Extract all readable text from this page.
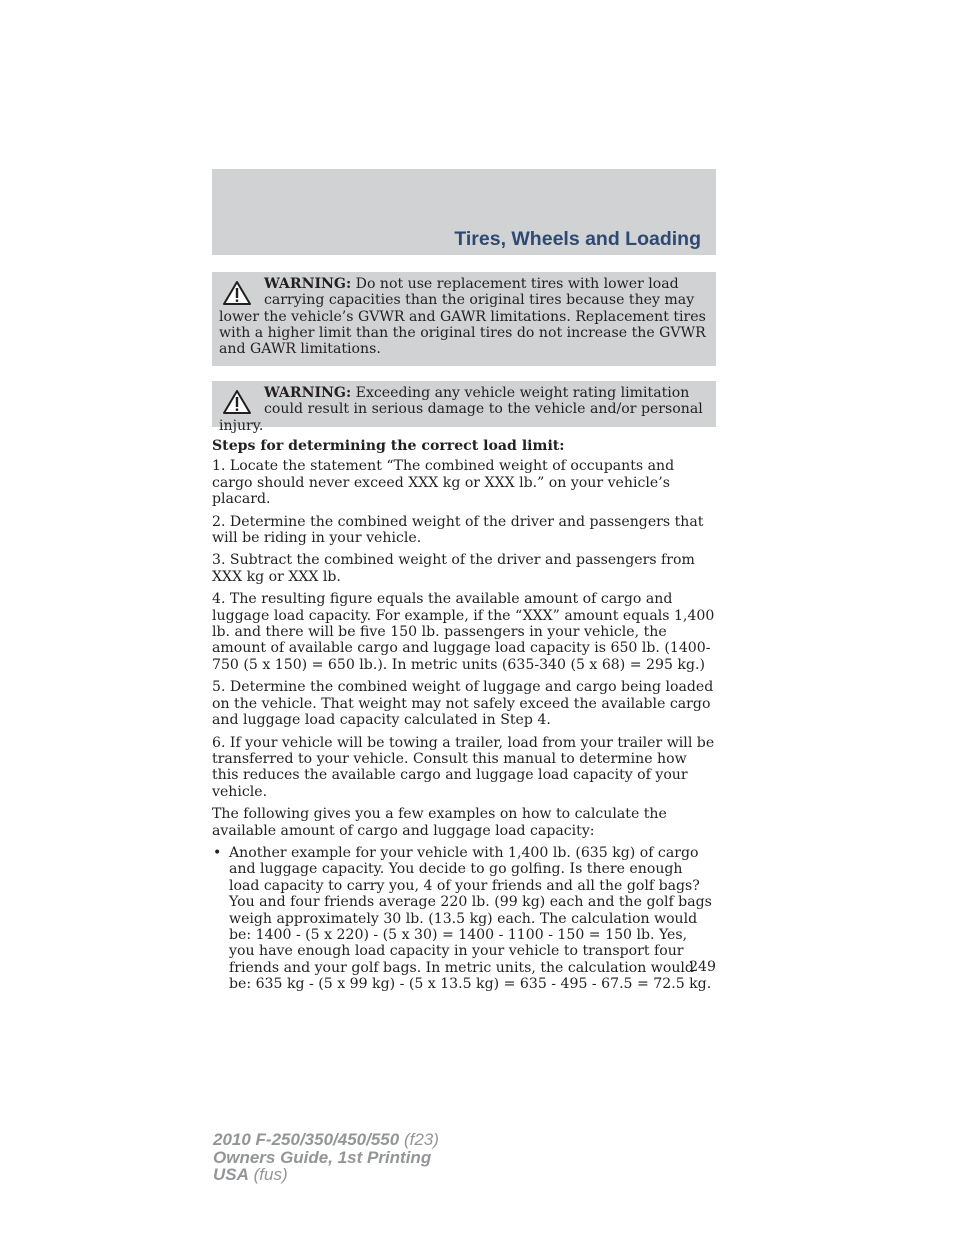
Tires, Wheels and Loading
WARNING: Do not use replacement tires with lower load carrying capacities than the original tires because they may lower the vehicle’s GVWR and GAWR limitations. Replacement tires with a higher limit than the original tires do not increase the GVWR and GAWR limitations.
WARNING: Exceeding any vehicle weight rating limitation could result in serious damage to the vehicle and/or personal injury.

Steps for determining the correct load limit:

1. Locate the statement “The combined weight of occupants and cargo should never exceed XXX kg or XXX lb.” on your vehicle’s placard.

2. Determine the combined weight of the driver and passengers that will be riding in your vehicle.

3. Subtract the combined weight of the driver and passengers from XXX kg or XXX lb.

4. The resulting figure equals the available amount of cargo and luggage load capacity. For example, if the “XXX” amount equals 1,400 lb. and there will be five 150 lb. passengers in your vehicle, the amount of available cargo and luggage load capacity is 650 lb. (1400-750 (5 x 150) = 650 lb.). In metric units (635-340 (5 x 68) = 295 kg.)

5. Determine the combined weight of luggage and cargo being loaded on the vehicle. That weight may not safely exceed the available cargo and luggage load capacity calculated in Step 4.

6. If your vehicle will be towing a trailer, load from your trailer will be transferred to your vehicle. Consult this manual to determine how this reduces the available cargo and luggage load capacity of your vehicle.

The following gives you a few examples on how to calculate the available amount of cargo and luggage load capacity:

• Another example for your vehicle with 1,400 lb. (635 kg) of cargo and luggage capacity. You decide to go golfing. Is there enough load capacity to carry you, 4 of your friends and all the golf bags? You and four friends average 220 lb. (99 kg) each and the golf bags weigh approximately 30 lb. (13.5 kg) each. The calculation would be: 1400 - (5 x 220) - (5 x 30) = 1400 - 1100 - 150 = 150 lb. Yes, you have enough load capacity in your vehicle to transport four friends and your golf bags. In metric units, the calculation would be: 635 kg - (5 x 99 kg) - (5 x 13.5 kg) = 635 - 495 - 67.5 = 72.5 kg.
249
2010 F-250/350/450/550 (f23)
Owners Guide, 1st Printing
USA (fus)
